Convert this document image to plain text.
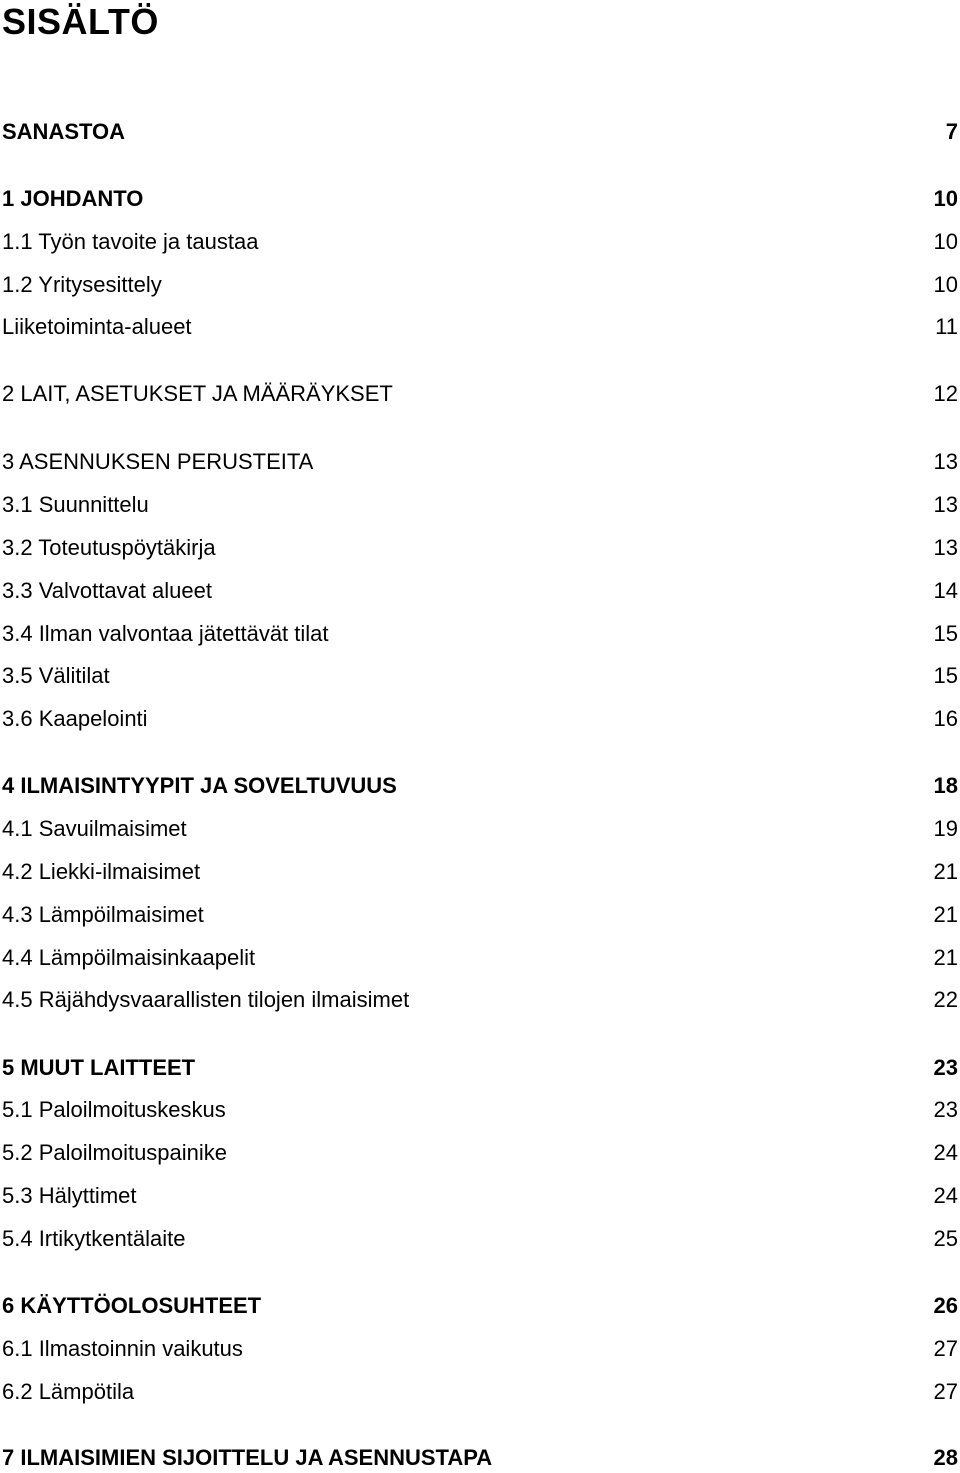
SISÄLTÖ
SANASTOA	7
1 JOHDANTO	10
1.1 Työn tavoite ja taustaa	10
1.2 Yritysesittely	10
Liiketoiminta-alueet	11
2 LAIT, ASETUKSET JA MÄÄRÄYKSET	12
3 ASENNUKSEN PERUSTEITA	13
3.1 Suunnittelu	13
3.2 Toteutuspöytäkirja	13
3.3 Valvottavat alueet	14
3.4 Ilman valvontaa jätettävät tilat	15
3.5 Välitilat	15
3.6 Kaapelointi	16
4 ILMAISINTYYPIT JA SOVELTUVUUS	18
4.1 Savuilmaisimet	19
4.2 Liekki-ilmaisimet	21
4.3 Lämpöilmaisimet	21
4.4 Lämpöilmaisinkaapelit	21
4.5 Räjähdysvaarallisten tilojen ilmaisimet	22
5 MUUT LAITTEET	23
5.1 Paloilmoituskeskus	23
5.2 Paloilmoituspainike	24
5.3 Hälyttimet	24
5.4 Irtikytkentälaite	25
6 KÄYTTÖOLOSUHTEET	26
6.1 Ilmastoinnin vaikutus	27
6.2 Lämpötila	27
7 ILMAISIMIEN SIJOITTELU JA ASENNUSTAPA	28
